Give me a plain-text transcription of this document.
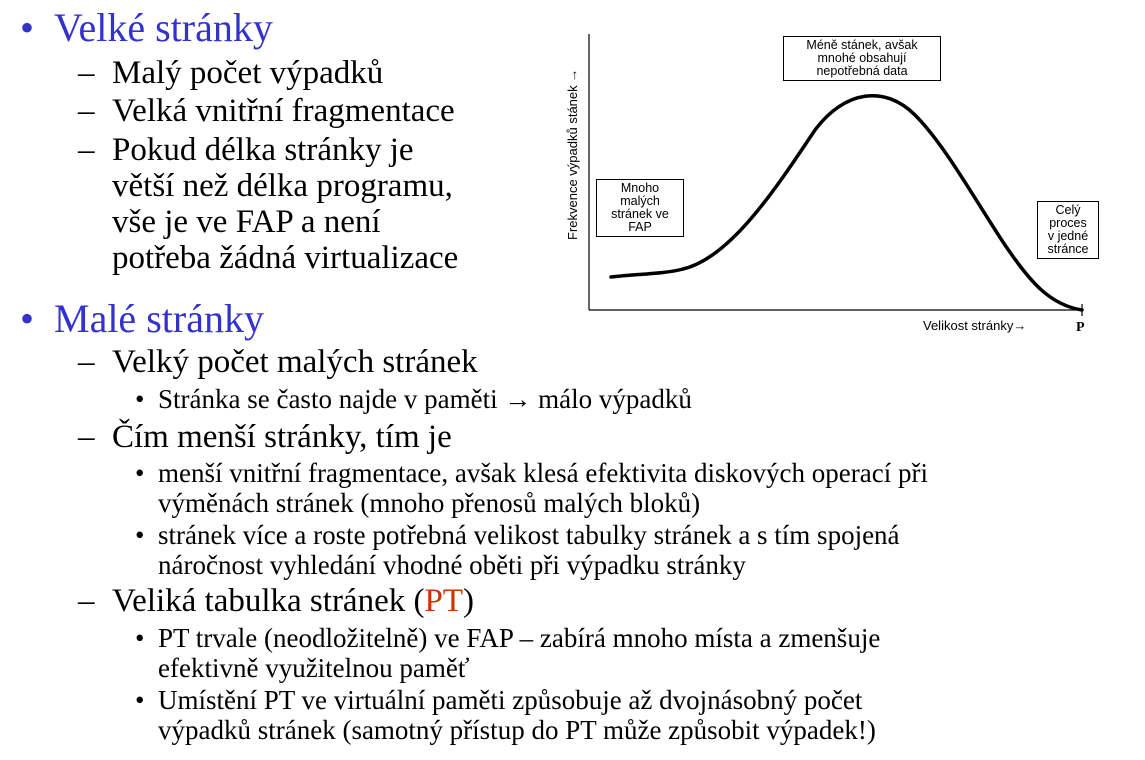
• Velké stránky
– Malý počet výpadků
– Velká vnitřní fragmentace
– Pokud délka stránky je
větší než délka programu,
vše je ve FAP a není
potřeba žádná virtualizace
• Malé stránky
– Velký počet malých stránek
• Stránka se často najde v paměti → málo výpadků
– Čím menší stránky, tím je
• menší vnitřní fragmentace, avšak klesá efektivita diskových operací při
výměnách stránek (mnoho přenosů malých bloků)
• stránek více a roste potřebná velikost tabulky stránek a s tím spojená
náročnost vyhledání vhodné oběti při výpadku stránky
– Veliká tabulka stránek (PT)
• PT trvale (neodložitelně) ve FAP – zabírá mnoho místa a zmenšuje
efektivně využitelnou paměť
• Umístění PT ve virtuální paměti způsobuje až dvojnásobný počet
výpadků stránek (samotný přístup do PT může způsobit výpadek!)
Frekvence výpadků stánek →
Velikost stránky→	P
Mnoho
malých
stránek ve
FAP
Méně stánek, avšak
mnohé obsahují
nepotřebná data
Celý
proces
v jedné
stránce
